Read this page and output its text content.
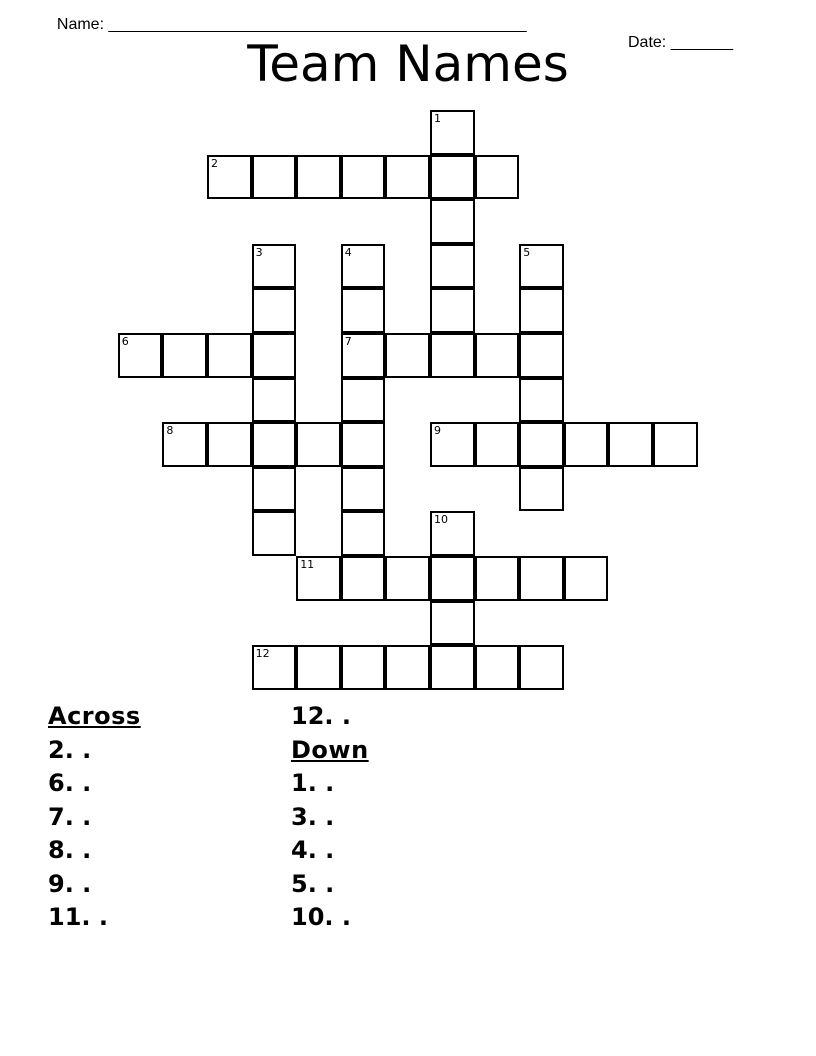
Name: _______________________________________________

Date: _______

Team Names
1
2
3	4	5
6	7
8	9
10
11
12
Across
2. .
6. .
7. .
8. .
9. .
11. .
12. .
Down
1. .
3. .
4. .
5. .
10. .
